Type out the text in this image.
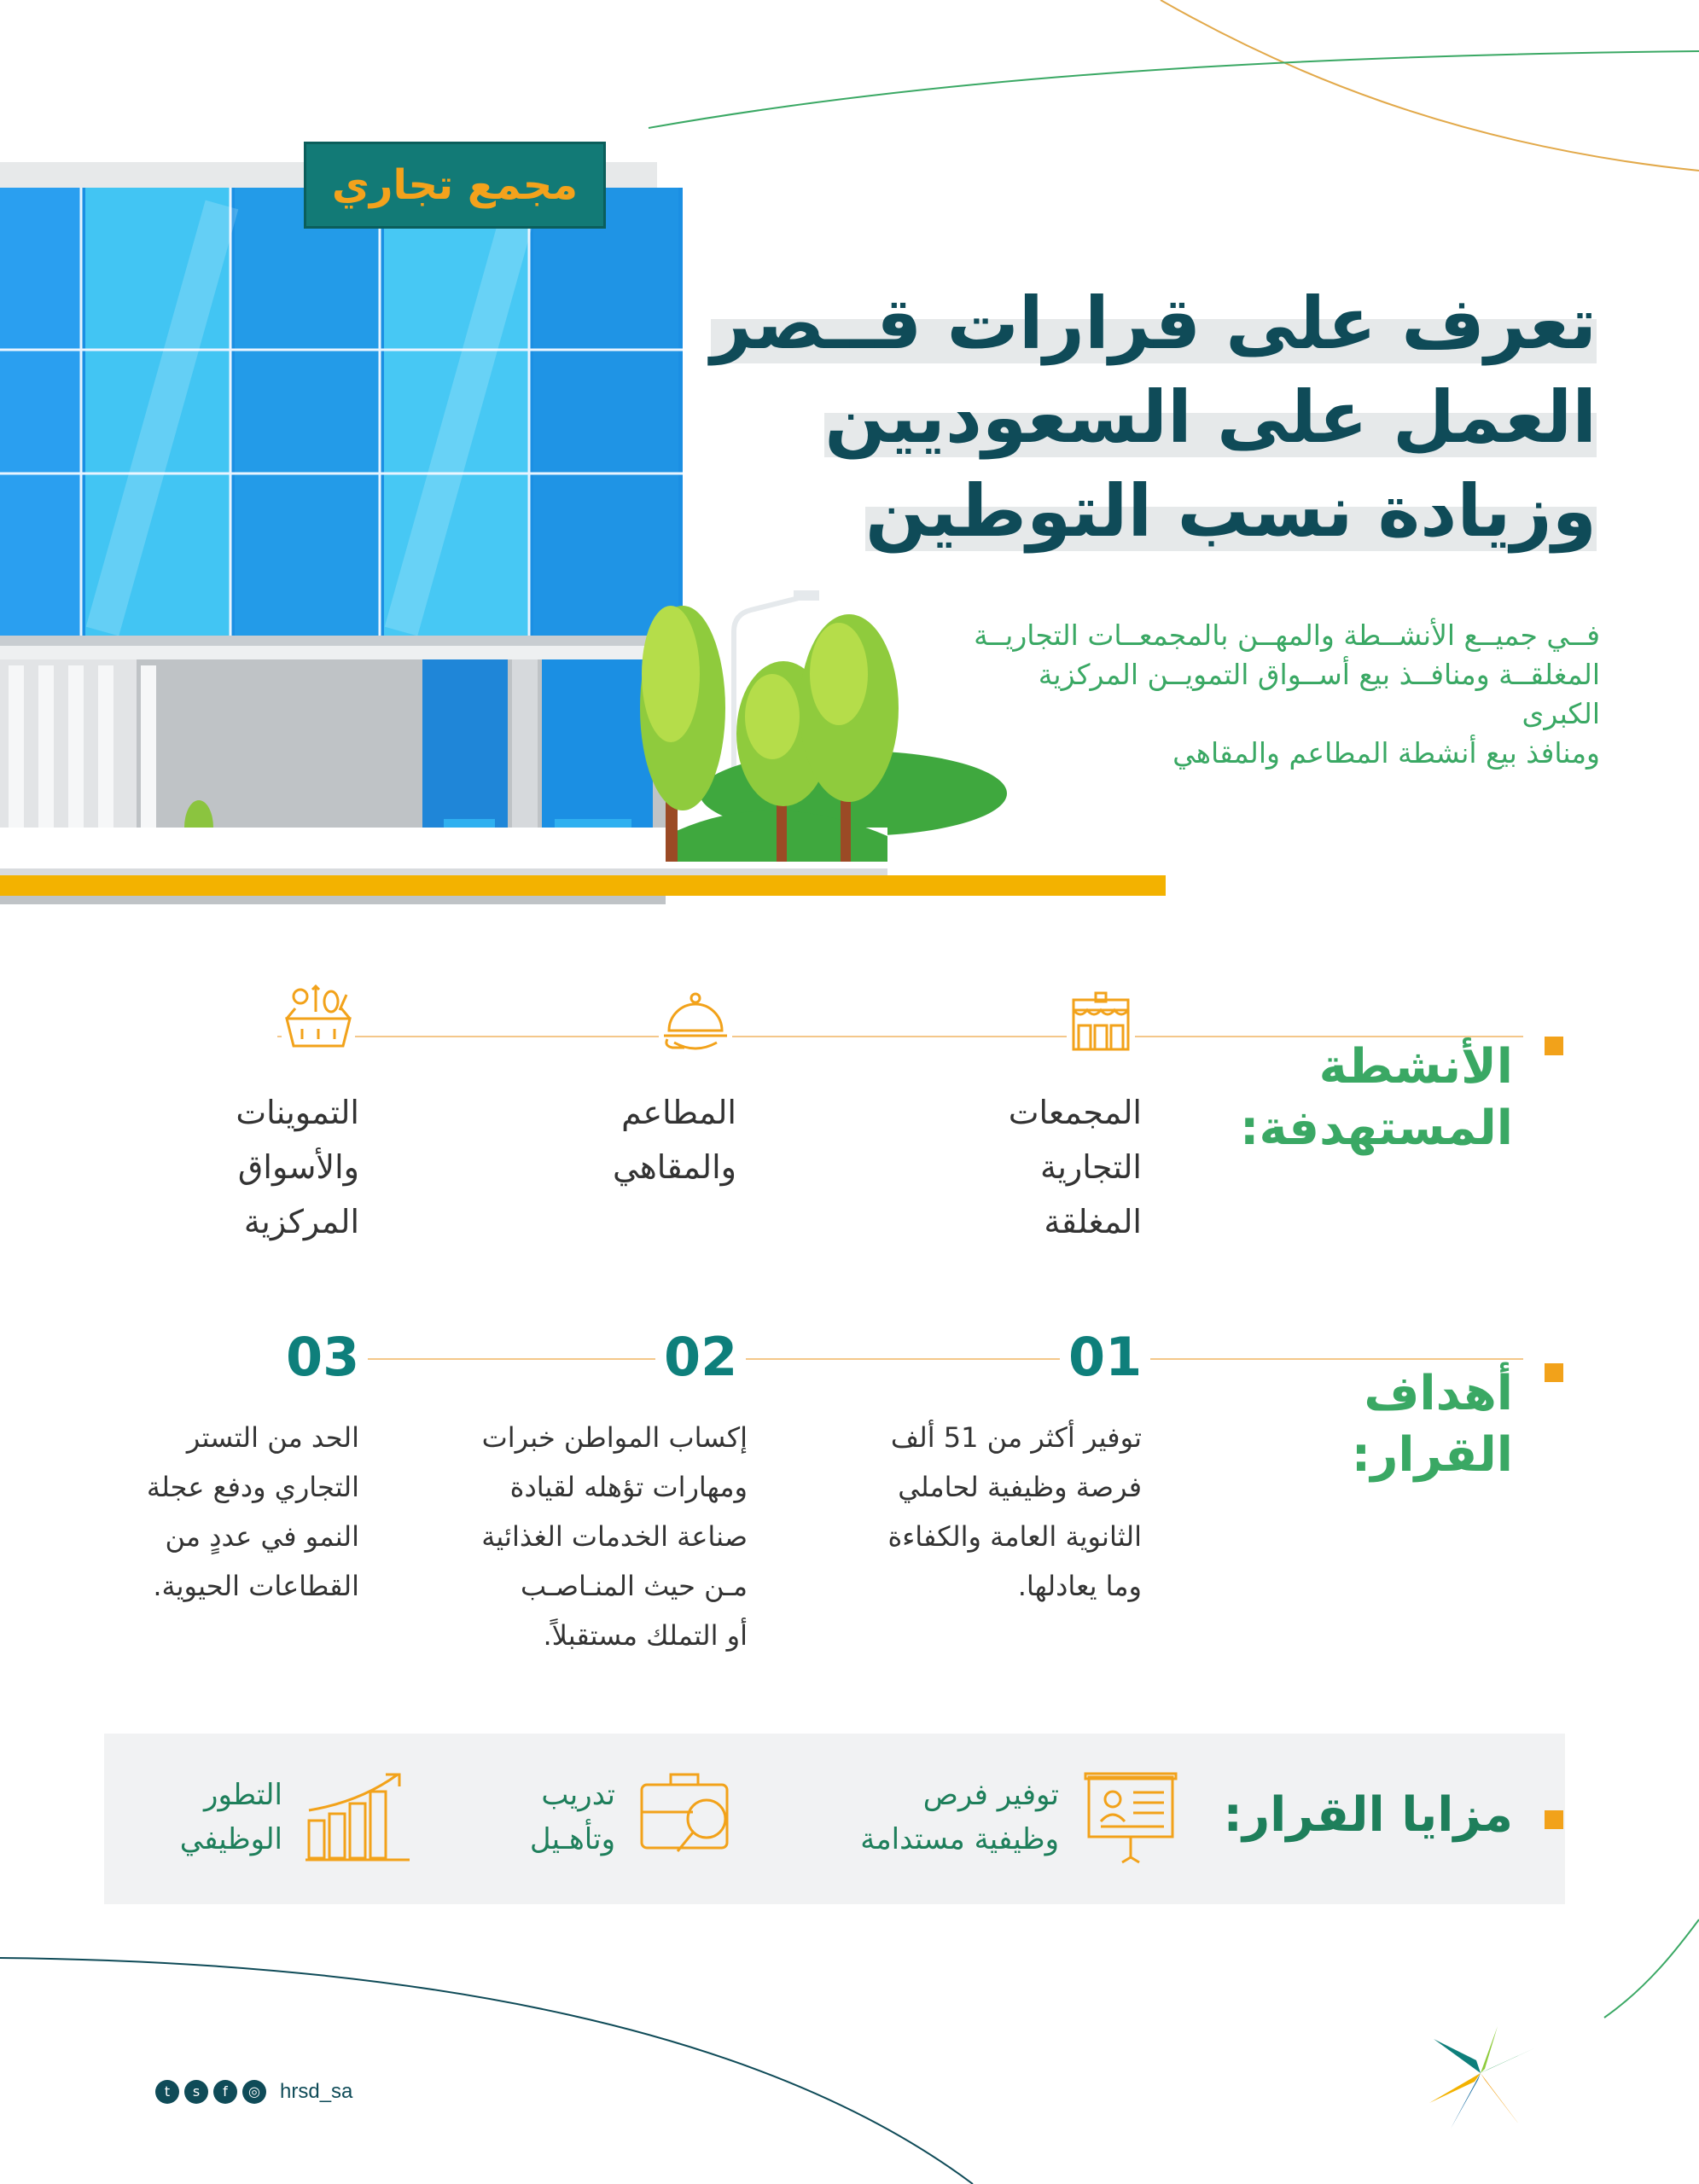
مجمع تجاري
تعرف على قرارات قــصر
العمل على السعوديين
وزيادة نسب التوطين
فــي جميــع الأنشــطة والمهــن بالمجمعــات التجاريــة
المغلقــة ومنافــذ بيع أســواق التمويــن المركزية الكبرى
ومنافذ بيع أنشطة المطاعم والمقاهي
الأنشطة
المستهدفة:
المجمعات
التجارية
المغلقة
المطاعم
والمقاهي
التموينات
والأسواق
المركزية
أهداف
القرار:
01
02
03
توفير أكثر من 51 ألف
فرصة وظيفية لحاملي
الثانوية العامة والكفاءة
وما يعادلها.
إكساب المواطن خبرات
ومهارات تؤهله لقيادة
صناعة الخدمات الغذائية
مـن حيث المنـاصـب
أو التملك مستقبلاً.
الحد من التستر
التجاري ودفع عجلة
النمو في عددٍ من
القطاعات الحيوية.
مزايا القرار:
توفير فرص
وظيفية مستدامة
تدريب
وتأهـيل
التطور
الوظيفي
t	s	f	◎ hrsd_sa
